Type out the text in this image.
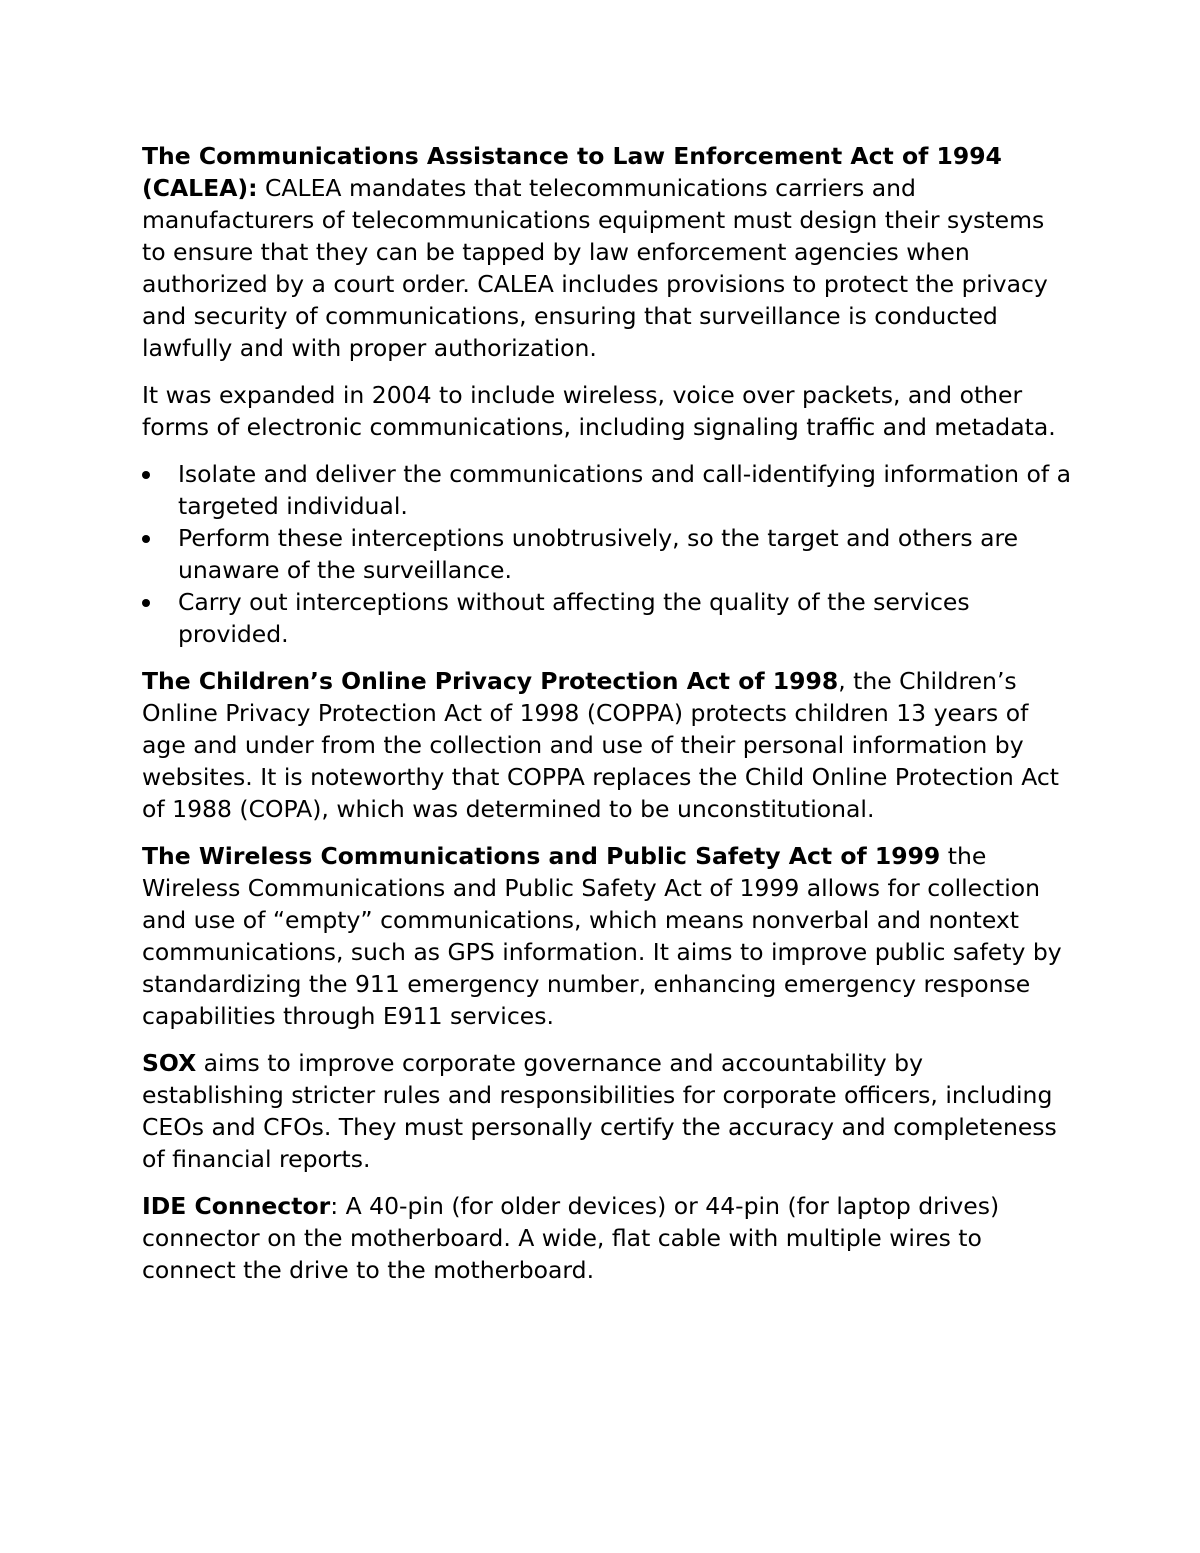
The Communications Assistance to Law Enforcement Act of 1994 (CALEA): CALEA mandates that telecommunications carriers and manufacturers of telecommunications equipment must design their systems to ensure that they can be tapped by law enforcement agencies when authorized by a court order. CALEA includes provisions to protect the privacy and security of communications, ensuring that surveillance is conducted lawfully and with proper authorization.

It was expanded in 2004 to include wireless, voice over packets, and other forms of electronic communications, including signaling traffic and metadata.

Isolate and deliver the communications and call-identifying information of a targeted individual.
Perform these interceptions unobtrusively, so the target and others are unaware of the surveillance.
Carry out interceptions without affecting the quality of the services provided.

The Children’s Online Privacy Protection Act of 1998, the Children’s Online Privacy Protection Act of 1998 (COPPA) protects children 13 years of age and under from the collection and use of their personal information by websites. It is noteworthy that COPPA replaces the Child Online Protection Act of 1988 (COPA), which was determined to be unconstitutional.

The Wireless Communications and Public Safety Act of 1999 the Wireless Communications and Public Safety Act of 1999 allows for collection and use of “empty” communications, which means nonverbal and nontext communications, such as GPS information. It aims to improve public safety by standardizing the 911 emergency number, enhancing emergency response capabilities through E911 services.

SOX aims to improve corporate governance and accountability by establishing stricter rules and responsibilities for corporate officers, including CEOs and CFOs. They must personally certify the accuracy and completeness of financial reports.

IDE Connector: A 40-pin (for older devices) or 44-pin (for laptop drives) connector on the motherboard. A wide, flat cable with multiple wires to connect the drive to the motherboard.
